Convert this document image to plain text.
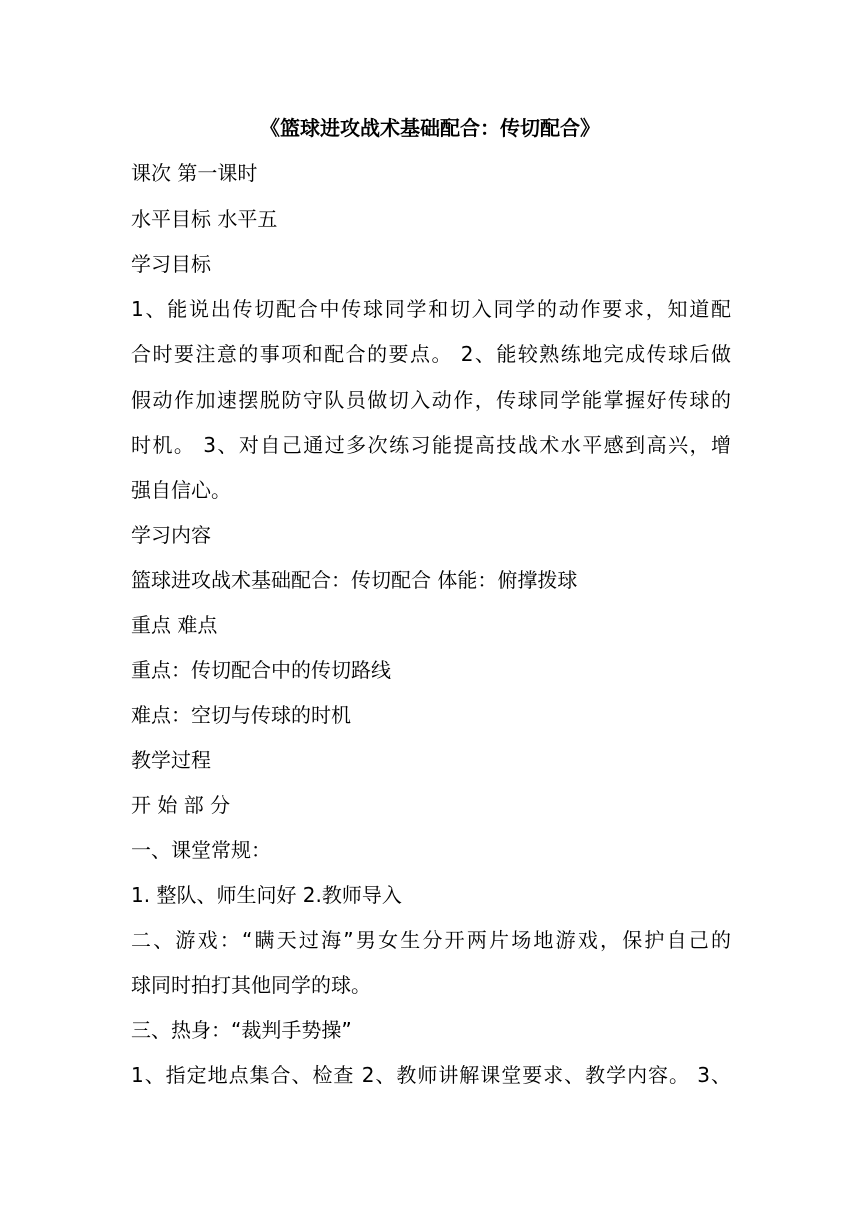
《篮球进攻战术基础配合：传切配合》
课次 第一课时
水平目标 水平五
学习目标
1、能说出传切配合中传球同学和切入同学的动作要求，知道配
合时要注意的事项和配合的要点。 2、能较熟练地完成传球后做
假动作加速摆脱防守队员做切入动作，传球同学能掌握好传球的
时机。 3、对自己通过多次练习能提高技战术水平感到高兴，增
强自信心。
学习内容
篮球进攻战术基础配合：传切配合 体能：俯撑拨球
重点 难点
重点：传切配合中的传切路线
难点：空切与传球的时机
教学过程
开 始 部 分
一、课堂常规：
1. 整队、师生问好 2.教师导入
二、游戏：“瞒天过海”男女生分开两片场地游戏，保护自己的
球同时拍打其他同学的球。
三、热身：“裁判手势操”
1、指定地点集合、检查 2、教师讲解课堂要求、教学内容。 3、
